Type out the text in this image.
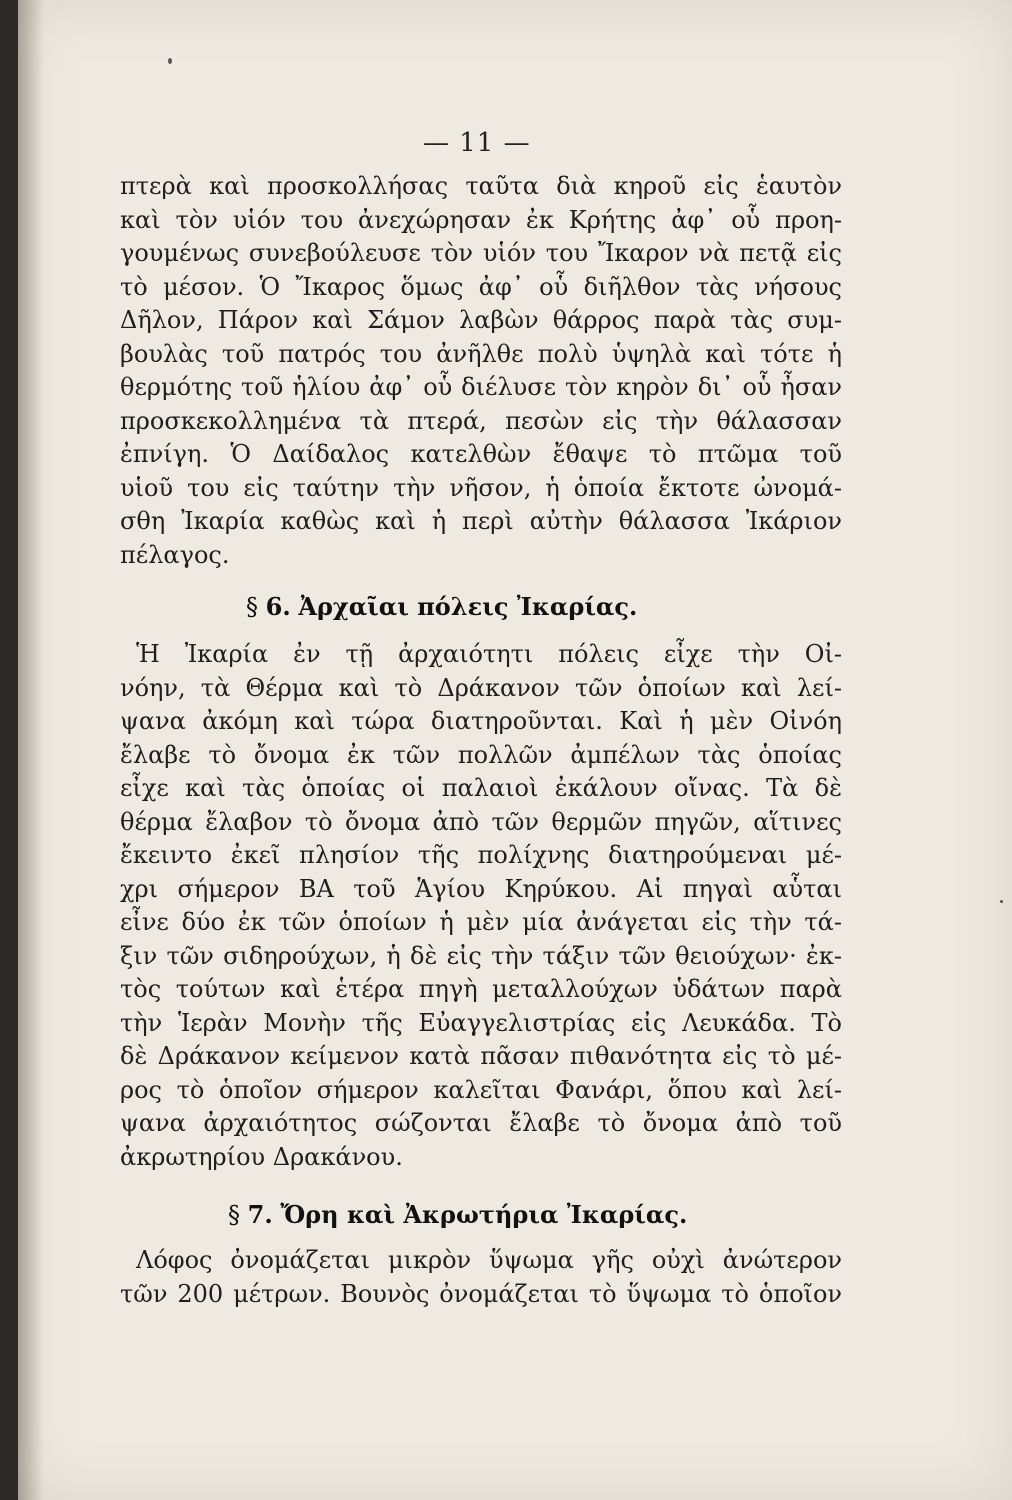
— 11 —
πτερὰ καὶ προσκολλήσας ταῦτα διὰ κηροῦ εἰς ἑαυτὸν
καὶ τὸν υἱόν του ἀνεχώρησαν ἐκ Κρήτης ἀφ᾽ οὗ προη-
γουμένως συνεβούλευσε τὸν υἱόν του Ἴκαρον νὰ πετᾷ εἰς
τὸ μέσον. Ὁ Ἴκαρος ὅμως ἀφ᾽ οὗ διῆλθον τὰς νήσους
Δῆλον, Πάρον καὶ Σάμον λαβὼν θάρρος παρὰ τὰς συμ-
βουλὰς τοῦ πατρός του ἀνῆλθε πολὺ ὑψηλὰ καὶ τότε ἡ
θερμότης τοῦ ἡλίου ἀφ᾽ οὗ διέλυσε τὸν κηρὸν δι᾽ οὗ ἦσαν
προσκεκολλημένα τὰ πτερά, πεσὼν εἰς τὴν θάλασσαν
ἐπνίγη. Ὁ Δαίδαλος κατελθὼν ἔθαψε τὸ πτῶμα τοῦ
υἱοῦ του εἰς ταύτην τὴν νῆσον, ἡ ὁποία ἔκτοτε ὠνομά-
σθη Ἰκαρία καθὼς καὶ ἡ περὶ αὐτὴν θάλασσα Ἰκάριον
πέλαγος.
§ 6. Ἀρχαῖαι πόλεις Ἰκαρίας.
Ἡ Ἰκαρία ἐν τῇ ἀρχαιότητι πόλεις εἶχε τὴν Οἰ-
νόην, τὰ Θέρμα καὶ τὸ Δράκανον τῶν ὁποίων καὶ λεί-
ψανα ἀκόμη καὶ τώρα διατηροῦνται. Καὶ ἡ μὲν Οἰνόη
ἔλαβε τὸ ὄνομα ἐκ τῶν πολλῶν ἀμπέλων τὰς ὁποίας
εἶχε καὶ τὰς ὁποίας οἱ παλαιοὶ ἐκάλουν οἴνας. Τὰ δὲ
θέρμα ἔλαβον τὸ ὄνομα ἀπὸ τῶν θερμῶν πηγῶν, αἵτινες
ἔκειντο ἐκεῖ πλησίον τῆς πολίχνης διατηρούμεναι μέ-
χρι σήμερον ΒΑ τοῦ Ἁγίου Κηρύκου. Αἱ πηγαὶ αὗται
εἶνε δύο ἐκ τῶν ὁποίων ἡ μὲν μία ἀνάγεται εἰς τὴν τά-
ξιν τῶν σιδηρούχων, ἡ δὲ εἰς τὴν τάξιν τῶν θειούχων· ἐκ-
τὸς τούτων καὶ ἑτέρα πηγὴ μεταλλούχων ὑδάτων παρὰ
τὴν Ἱερὰν Μονὴν τῆς Εὐαγγελιστρίας εἰς Λευκάδα. Τὸ
δὲ Δράκανον κείμενον κατὰ πᾶσαν πιθανότητα εἰς τὸ μέ-
ρος τὸ ὁποῖον σήμερον καλεῖται Φανάρι, ὅπου καὶ λεί-
ψανα ἀρχαιότητος σώζονται ἔλαβε τὸ ὄνομα ἀπὸ τοῦ
ἀκρωτηρίου Δρακάνου.
§ 7. Ὄρη καὶ Ἀκρωτήρια Ἰκαρίας.
Λόφος ὀνομάζεται μικρὸν ὕψωμα γῆς οὐχὶ ἀνώτερον
τῶν 200 μέτρων. Βουνὸς ὀνομάζεται τὸ ὕψωμα τὸ ὁποῖον
